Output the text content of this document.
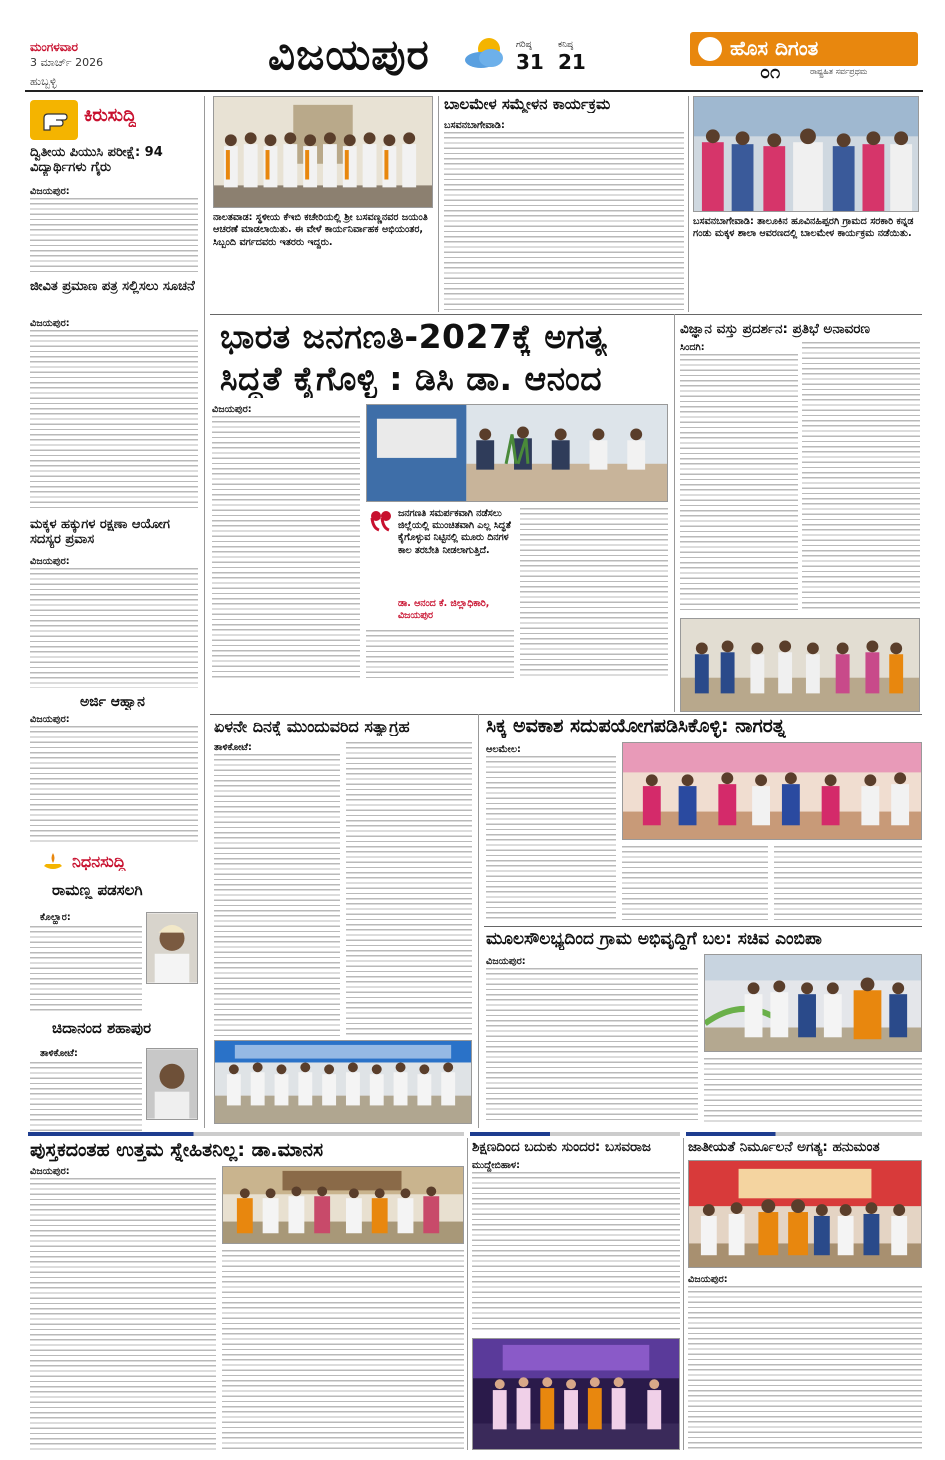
ಮಂಗಳವಾರ
3 ಮಾರ್ಚ್ 2026
ಹುಬ್ಬಳ್ಳಿ
ವಿಜಯಪುರ	ಗರಿಷ್ಠ
31
ಕನಿಷ್ಠ
21
ಹೊಸ ದಿಗಂತ
ರಾಷ್ಟ್ರಹಿತ ಸರ್ವಪ್ರಥಮ
೦೧
ಕಿರುಸುದ್ದಿ
ದ್ವಿತೀಯ ಪಿಯುಸಿ ಪರೀಕ್ಷೆ: 94 ವಿದ್ಯಾರ್ಥಿಗಳು ಗೈರು
ವಿಜಯಪುರ:
ಜೀವಿತ ಪ್ರಮಾಣ ಪತ್ರ ಸಲ್ಲಿಸಲು ಸೂಚನೆ
ವಿಜಯಪುರ:
ಮಕ್ಕಳ ಹಕ್ಕುಗಳ ರಕ್ಷಣಾ ಆಯೋಗ ಸದಸ್ಯರ ಪ್ರವಾಸ
ವಿಜಯಪುರ:
ಅರ್ಜಿ ಆಹ್ವಾನ
ವಿಜಯಪುರ:
ನಿಧನಸುದ್ದಿ
ರಾಮಣ್ಣ ಪಡಸಲಗಿ
ಕೊಲ್ಹಾರ:
ಚಿದಾನಂದ ಶಹಾಪುರ
ತಾಳಿಕೋಟೆ:
ನಾಲತವಾಡ: ಸ್ಥಳೀಯ ಕೆಇಬಿ ಕಚೇರಿಯಲ್ಲಿ ಶ್ರೀ ಬಸವಣ್ಣನವರ ಜಯಂತಿ ಆಚರಣೆ ಮಾಡಲಾಯಿತು. ಈ ವೇಳೆ ಕಾರ್ಯನಿರ್ವಾಹಕ ಅಭಿಯಂತರ, ಸಿಬ್ಬಂದಿ ವರ್ಗದವರು ಇತರರು ಇದ್ದರು.
ಬಾಲಮೇಳ ಸಮ್ಮೇಳನ ಕಾರ್ಯಕ್ರಮ
ಬಸವನಬಾಗೇವಾಡಿ:
ಬಸವನಬಾಗೇವಾಡಿ: ತಾಲೂಕಿನ ಹೂವಿನಹಿಪ್ಪರಗಿ ಗ್ರಾಮದ ಸರಕಾರಿ ಕನ್ನಡ ಗಂಡು ಮಕ್ಕಳ ಶಾಲಾ ಆವರಣದಲ್ಲಿ ಬಾಲಮೇಳ ಕಾರ್ಯಕ್ರಮ ನಡೆಯಿತು.
ಭಾರತ ಜನಗಣತಿ-2027ಕ್ಕೆ ಅಗತ್ಯ
ಸಿದ್ಧತೆ ಕೈಗೊಳ್ಳಿ : ಡಿಸಿ ಡಾ. ಆನಂದ
ವಿಜಯಪುರ:
ಜನಗಣತಿ ಸಮರ್ಪಕವಾಗಿ ನಡೆಸಲು ಜಿಲ್ಲೆಯಲ್ಲಿ ಮುಂಚಿತವಾಗಿ ಎಲ್ಲ ಸಿದ್ಧತೆ ಕೈಗೊಳ್ಳುವ ನಿಟ್ಟಿನಲ್ಲಿ ಮೂರು ದಿನಗಳ ಕಾಲ ತರಬೇತಿ ನೀಡಲಾಗುತ್ತಿದೆ.
ಡಾ. ಆನಂದ ಕೆ. ಜಿಲ್ಲಾಧಿಕಾರಿ, ವಿಜಯಪುರ
ವಿಜ್ಞಾನ ವಸ್ತು ಪ್ರದರ್ಶನ: ಪ್ರತಿಭೆ ಅನಾವರಣ
ಸಿಂದಗಿ:
ಏಳನೇ ದಿನಕ್ಕೆ ಮುಂದುವರಿದ ಸತ್ಯಾಗ್ರಹ
ತಾಳಿಕೋಟೆ:
ಸಿಕ್ಕ ಅವಕಾಶ ಸದುಪಯೋಗಪಡಿಸಿಕೊಳ್ಳಿ: ನಾಗರತ್ನ
ಆಲಮೇಲ:
ಮೂಲಸೌಲಭ್ಯದಿಂದ ಗ್ರಾಮ ಅಭಿವೃದ್ಧಿಗೆ ಬಲ: ಸಚಿವ ಎಂಬಿಪಾ
ವಿಜಯಪುರ:
ಪುಸ್ತಕದಂತಹ ಉತ್ತಮ ಸ್ನೇಹಿತನಿಲ್ಲ: ಡಾ.ಮಾನಸ
ವಿಜಯಪುರ:
ಶಿಕ್ಷಣದಿಂದ ಬದುಕು ಸುಂದರ: ಬಸವರಾಜ
ಮುದ್ದೇಬಿಹಾಳ:
ಜಾತೀಯತೆ ನಿರ್ಮೂಲನೆ ಅಗತ್ಯ: ಹನುಮಂತ
ವಿಜಯಪುರ:
